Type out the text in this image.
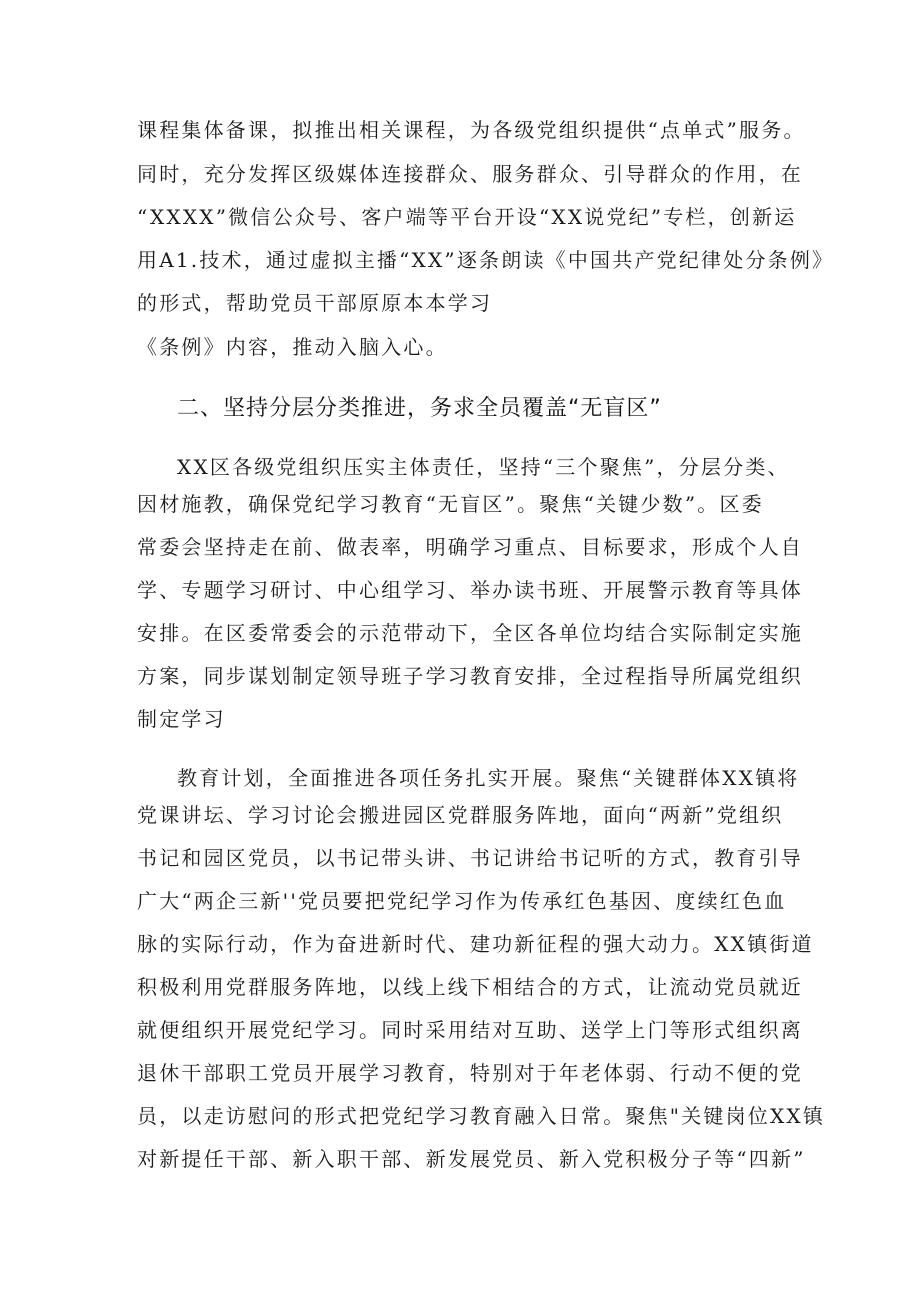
课程集体备课，拟推出相关课程，为各级党组织提供“点单式”服务。
同时，充分发挥区级媒体连接群众、服务群众、引导群众的作用，在
“XXXX”微信公众号、客户端等平台开设“XX说党纪”专栏，创新运
用A1.技术，通过虚拟主播“XX”逐条朗读《中国共产党纪律处分条例》
的形式，帮助党员干部原原本本学习
《条例》内容，推动入脑入心。
二、坚持分层分类推进，务求全员覆盖“无盲区”
XX区各级党组织压实主体责任，坚持“三个聚焦”，分层分类、
因材施教，确保党纪学习教育“无盲区”。聚焦“关键少数”。区委
常委会坚持走在前、做表率，明确学习重点、目标要求，形成个人自
学、专题学习研讨、中心组学习、举办读书班、开展警示教育等具体
安排。在区委常委会的示范带动下，全区各单位均结合实际制定实施
方案，同步谋划制定领导班子学习教育安排，全过程指导所属党组织
制定学习
教育计划，全面推进各项任务扎实开展。聚焦“关键群体XX镇将
党课讲坛、学习讨论会搬进园区党群服务阵地，面向“两新”党组织
书记和园区党员，以书记带头讲、书记讲给书记听的方式，教育引导
广大“两企三新''党员要把党纪学习作为传承红色基因、度续红色血
脉的实际行动，作为奋进新时代、建功新征程的强大动力。XX镇街道
积极利用党群服务阵地，以线上线下相结合的方式，让流动党员就近
就便组织开展党纪学习。同时采用结对互助、送学上门等形式组织离
退休干部职工党员开展学习教育，特别对于年老体弱、行动不便的党
员，以走访慰问的形式把党纪学习教育融入日常。聚焦"关键岗位XX镇
对新提任干部、新入职干部、新发展党员、新入党积极分子等“四新”
